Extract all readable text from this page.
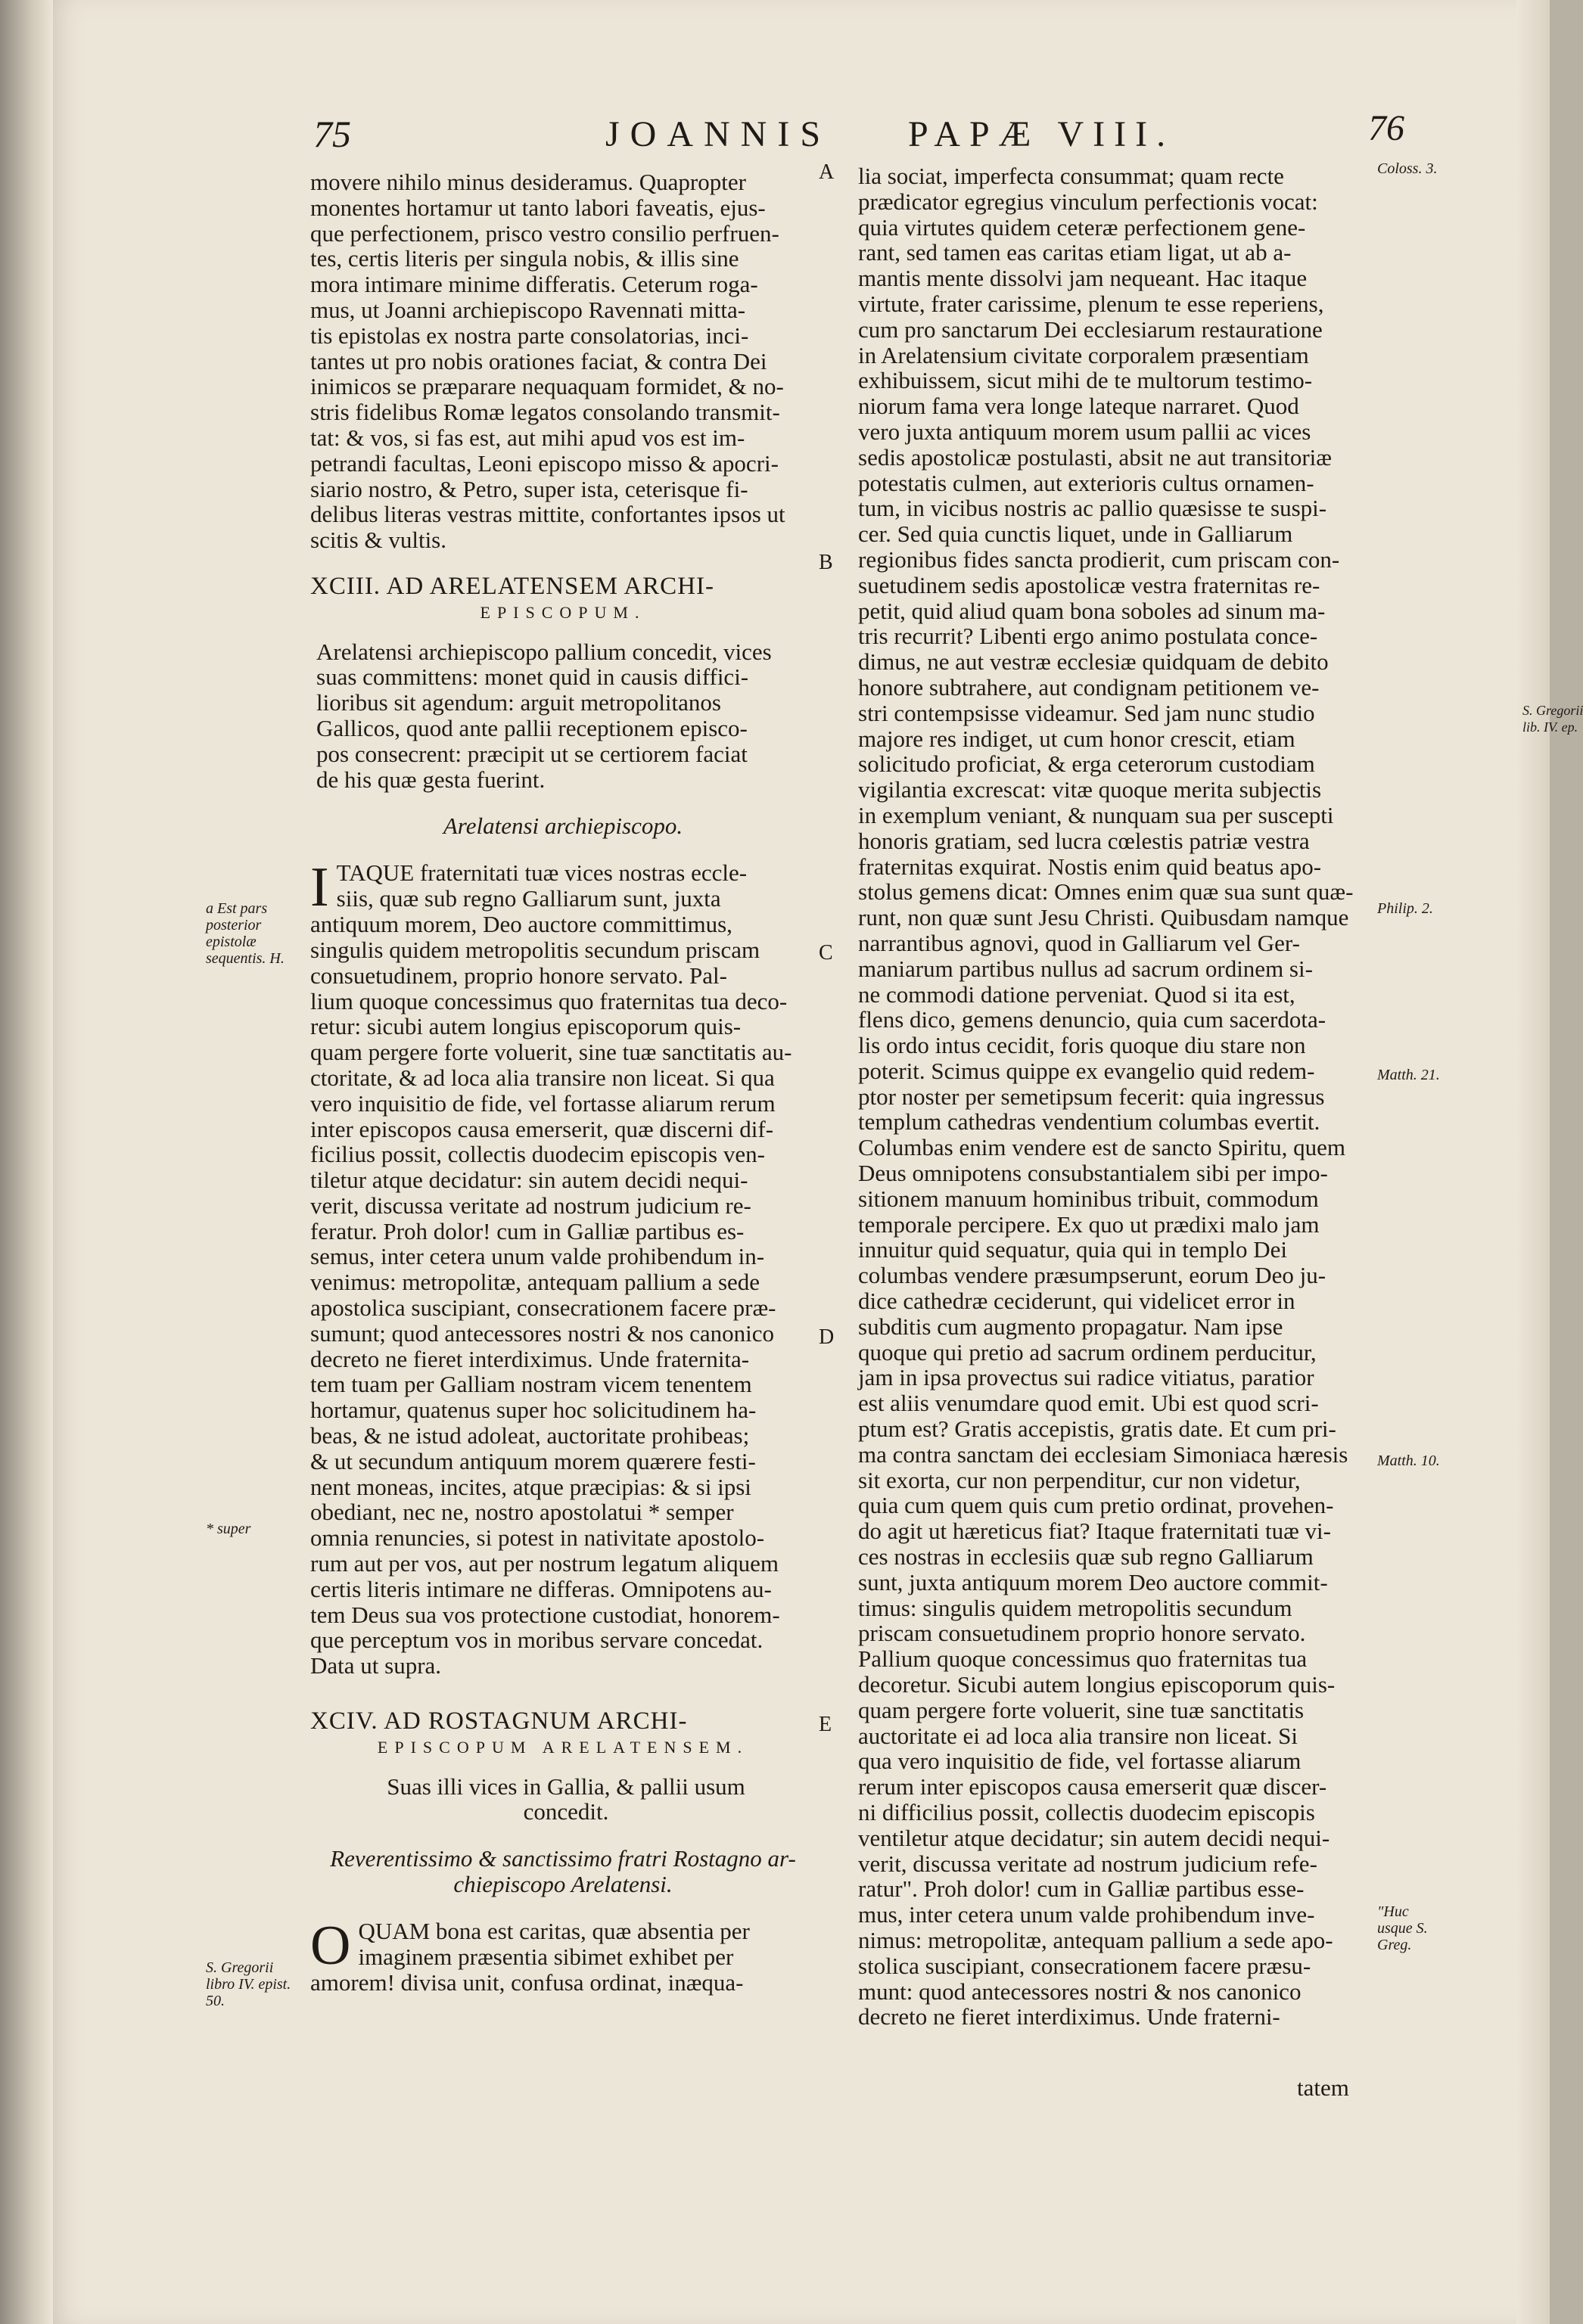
S. Gregorii
lib. IV. ep.
75	JOANNIS PAPÆ VIII.	76
movere nihilo minus desideramus. Quapropter
monentes hortamur ut tanto labori faveatis, ejus-
que perfectionem, prisco vestro consilio perfruen-
tes, certis literis per singula nobis, & illis sine
mora intimare minime differatis. Ceterum roga-
mus, ut Joanni archiepiscopo Ravennati mitta-
tis epistolas ex nostra parte consolatorias, inci-
tantes ut pro nobis orationes faciat, & contra Dei
inimicos se præparare nequaquam formidet, & no-
stris fidelibus Romæ legatos consolando transmit-
tat: & vos, si fas est, aut mihi apud vos est im-
petrandi facultas, Leoni episcopo misso & apocri-
siario nostro, & Petro, super ista, ceterisque fi-
delibus literas vestras mittite, confortantes ipsos ut
scitis & vultis.
XCIII. AD ARELATENSEM ARCHI-
EPISCOPUM.
Arelatensi archiepiscopo pallium concedit, vices
suas committens: monet quid in causis diffici-
lioribus sit agendum: arguit metropolitanos
Gallicos, quod ante pallii receptionem episco-
pos consecrent: præcipit ut se certiorem faciat
de his quæ gesta fuerint.
Arelatensi archiepiscopo.
I TAQUE fraternitati tuæ vices nostras eccle-
siis, quæ sub regno Galliarum sunt, juxta
antiquum morem, Deo auctore committimus,
singulis quidem metropolitis secundum priscam
consuetudinem, proprio honore servato. Pal-
lium quoque concessimus quo fraternitas tua deco-
retur: sicubi autem longius episcoporum quis-
quam pergere forte voluerit, sine tuæ sanctitatis au-
ctoritate, & ad loca alia transire non liceat. Si qua
vero inquisitio de fide, vel fortasse aliarum rerum
inter episcopos causa emerserit, quæ discerni dif-
ficilius possit, collectis duodecim episcopis ven-
tiletur atque decidatur: sin autem decidi nequi-
verit, discussa veritate ad nostrum judicium re-
feratur. Proh dolor! cum in Galliæ partibus es-
semus, inter cetera unum valde prohibendum in-
venimus: metropolitæ, antequam pallium a sede
apostolica suscipiant, consecrationem facere præ-
sumunt; quod antecessores nostri & nos canonico
decreto ne fieret interdiximus. Unde fraternita-
tem tuam per Galliam nostram vicem tenentem
hortamur, quatenus super hoc solicitudinem ha-
beas, & ne istud adoleat, auctoritate prohibeas;
& ut secundum antiquum morem quærere festi-
nent moneas, incites, atque præcipias: & si ipsi
obediant, nec ne, nostro apostolatui * semper
omnia renuncies, si potest in nativitate apostolo-
rum aut per vos, aut per nostrum legatum aliquem
certis literis intimare ne differas. Omnipotens au-
tem Deus sua vos protectione custodiat, honorem-
que perceptum vos in moribus servare concedat.
Data ut supra.
XCIV. AD ROSTAGNUM ARCHI-
EPISCOPUM ARELATENSEM.
Suas illi vices in Gallia, & pallii usum
concedit.
Reverentissimo & sanctissimo fratri Rostagno ar-
chiepiscopo Arelatensi.
O QUAM bona est caritas, quæ absentia per
imaginem præsentia sibimet exhibet per
amorem! divisa unit, confusa ordinat, inæqua-
lia sociat, imperfecta consummat; quam recte
prædicator egregius vinculum perfectionis vocat:
quia virtutes quidem ceteræ perfectionem gene-
rant, sed tamen eas caritas etiam ligat, ut ab a-
mantis mente dissolvi jam nequeant. Hac itaque
virtute, frater carissime, plenum te esse reperiens,
cum pro sanctarum Dei ecclesiarum restauratione
in Arelatensium civitate corporalem præsentiam
exhibuissem, sicut mihi de te multorum testimo-
niorum fama vera longe lateque narraret. Quod
vero juxta antiquum morem usum pallii ac vices
sedis apostolicæ postulasti, absit ne aut transitoriæ
potestatis culmen, aut exterioris cultus ornamen-
tum, in vicibus nostris ac pallio quæsisse te suspi-
cer. Sed quia cunctis liquet, unde in Galliarum
regionibus fides sancta prodierit, cum priscam con-
suetudinem sedis apostolicæ vestra fraternitas re-
petit, quid aliud quam bona soboles ad sinum ma-
tris recurrit? Libenti ergo animo postulata conce-
dimus, ne aut vestræ ecclesiæ quidquam de debito
honore subtrahere, aut condignam petitionem ve-
stri contempsisse videamur. Sed jam nunc studio
majore res indiget, ut cum honor crescit, etiam
solicitudo proficiat, & erga ceterorum custodiam
vigilantia excrescat: vitæ quoque merita subjectis
in exemplum veniant, & nunquam sua per suscepti
honoris gratiam, sed lucra cœlestis patriæ vestra
fraternitas exquirat. Nostis enim quid beatus apo-
stolus gemens dicat: Omnes enim quæ sua sunt quæ-
runt, non quæ sunt Jesu Christi. Quibusdam namque
narrantibus agnovi, quod in Galliarum vel Ger-
maniarum partibus nullus ad sacrum ordinem si-
ne commodi datione perveniat. Quod si ita est,
flens dico, gemens denuncio, quia cum sacerdota-
lis ordo intus cecidit, foris quoque diu stare non
poterit. Scimus quippe ex evangelio quid redem-
ptor noster per semetipsum fecerit: quia ingressus
templum cathedras vendentium columbas evertit.
Columbas enim vendere est de sancto Spiritu, quem
Deus omnipotens consubstantialem sibi per impo-
sitionem manuum hominibus tribuit, commodum
temporale percipere. Ex quo ut prædixi malo jam
innuitur quid sequatur, quia qui in templo Dei
columbas vendere præsumpserunt, eorum Deo ju-
dice cathedræ ceciderunt, qui videlicet error in
subditis cum augmento propagatur. Nam ipse
quoque qui pretio ad sacrum ordinem perducitur,
jam in ipsa provectus sui radice vitiatus, paratior
est aliis venumdare quod emit. Ubi est quod scri-
ptum est? Gratis accepistis, gratis date. Et cum pri-
ma contra sanctam dei ecclesiam Simoniaca hæresis
sit exorta, cur non perpenditur, cur non videtur,
quia cum quem quis cum pretio ordinat, provehen-
do agit ut hæreticus fiat? Itaque fraternitati tuæ vi-
ces nostras in ecclesiis quæ sub regno Galliarum
sunt, juxta antiquum morem Deo auctore commit-
timus: singulis quidem metropolitis secundum
priscam consuetudinem proprio honore servato.
Pallium quoque concessimus quo fraternitas tua
decoretur. Sicubi autem longius episcoporum quis-
quam pergere forte voluerit, sine tuæ sanctitatis
auctoritate ei ad loca alia transire non liceat. Si
qua vero inquisitio de fide, vel fortasse aliarum
rerum inter episcopos causa emerserit quæ discer-
ni difficilius possit, collectis duodecim episcopis
ventiletur atque decidatur; sin autem decidi nequi-
verit, discussa veritate ad nostrum judicium refe-
ratur". Proh dolor! cum in Galliæ partibus esse-
mus, inter cetera unum valde prohibendum inve-
nimus: metropolitæ, antequam pallium a sede apo-
stolica suscipiant, consecrationem facere præsu-
munt: quod antecessores nostri & nos canonico
decreto ne fieret interdiximus. Unde fraterni-
tatem
A
B
C
D
E
a Est pars posterior epistolæ sequentis. H.
* super
S. Gregorii libro IV. epist. 50.
Coloss. 3.
Philip. 2.
Matth. 21.
Matth. 10.
"Huc usque S. Greg.
